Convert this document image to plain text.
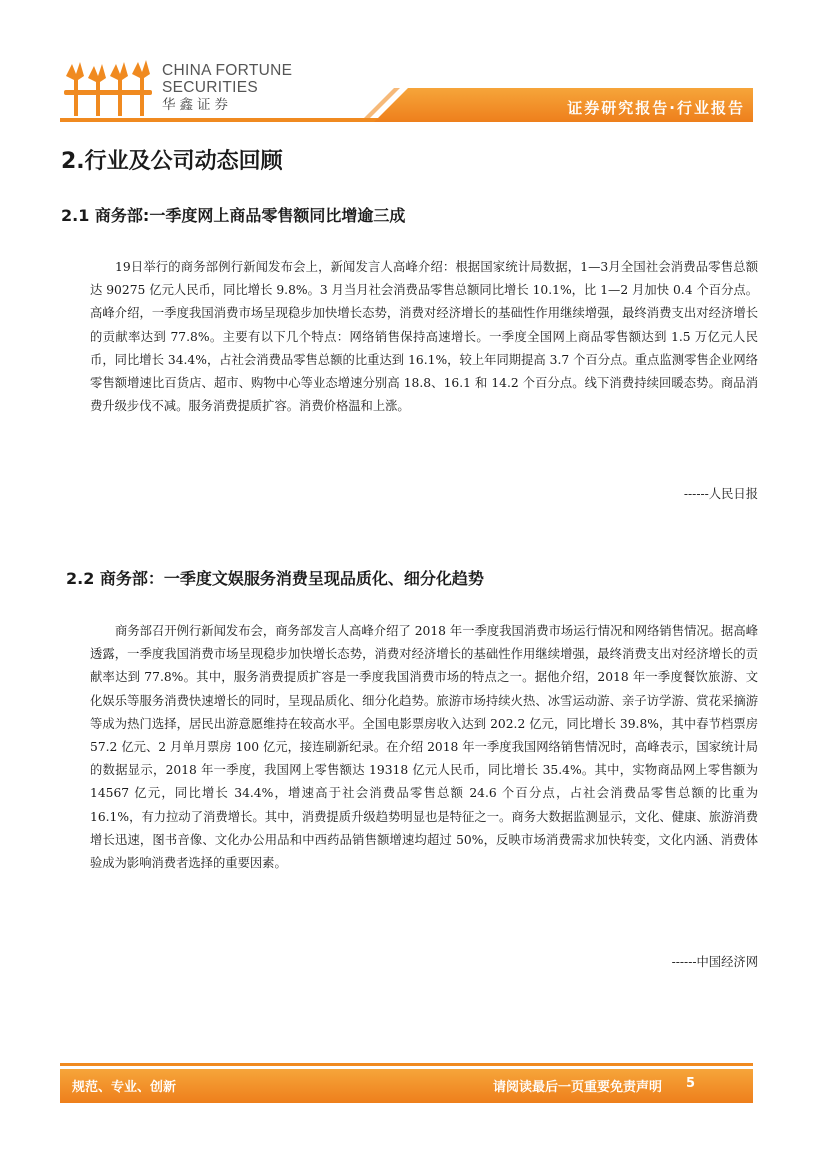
CHINA FORTUNE
SECURITIES
华鑫证券	证券研究报告·行业报告
2.行业及公司动态回顾
2.1 商务部:一季度网上商品零售额同比增逾三成
19日举行的商务部例行新闻发布会上，新闻发言人高峰介绍：根据国家统计局数据，1—3月全国社会消费品零售总额达 90275 亿元人民币，同比增长 9.8%。3 月当月社会消费品零售总额同比增长 10.1%，比 1—2 月加快 0.4 个百分点。高峰介绍，一季度我国消费市场呈现稳步加快增长态势，消费对经济增长的基础性作用继续增强，最终消费支出对经济增长的贡献率达到 77.8%。主要有以下几个特点：网络销售保持高速增长。一季度全国网上商品零售额达到 1.5 万亿元人民币，同比增长 34.4%，占社会消费品零售总额的比重达到 16.1%，较上年同期提高 3.7 个百分点。重点监测零售企业网络零售额增速比百货店、超市、购物中心等业态增速分别高 18.8、16.1 和 14.2 个百分点。线下消费持续回暖态势。商品消费升级步伐不减。服务消费提质扩容。消费价格温和上涨。
------人民日报
2.2 商务部：一季度文娱服务消费呈现品质化、细分化趋势
商务部召开例行新闻发布会，商务部发言人高峰介绍了 2018 年一季度我国消费市场运行情况和网络销售情况。据高峰透露，一季度我国消费市场呈现稳步加快增长态势，消费对经济增长的基础性作用继续增强，最终消费支出对经济增长的贡献率达到 77.8%。其中，服务消费提质扩容是一季度我国消费市场的特点之一。据他介绍，2018 年一季度餐饮旅游、文化娱乐等服务消费快速增长的同时，呈现品质化、细分化趋势。旅游市场持续火热、冰雪运动游、亲子访学游、赏花采摘游等成为热门选择，居民出游意愿维持在较高水平。全国电影票房收入达到 202.2 亿元，同比增长 39.8%，其中春节档票房 57.2 亿元、2 月单月票房 100 亿元，接连刷新纪录。在介绍 2018 年一季度我国网络销售情况时，高峰表示，国家统计局的数据显示，2018 年一季度，我国网上零售额达 19318 亿元人民币，同比增长 35.4%。其中，实物商品网上零售额为 14567 亿元，同比增长 34.4%，增速高于社会消费品零售总额 24.6 个百分点，占社会消费品零售总额的比重为 16.1%，有力拉动了消费增长。其中，消费提质升级趋势明显也是特征之一。商务大数据监测显示，文化、健康、旅游消费增长迅速，图书音像、文化办公用品和中西药品销售额增速均超过 50%，反映市场消费需求加快转变，文化内涵、消费体验成为影响消费者选择的重要因素。
------中国经济网
规范、专业、创新	请阅读最后一页重要免责声明 5
